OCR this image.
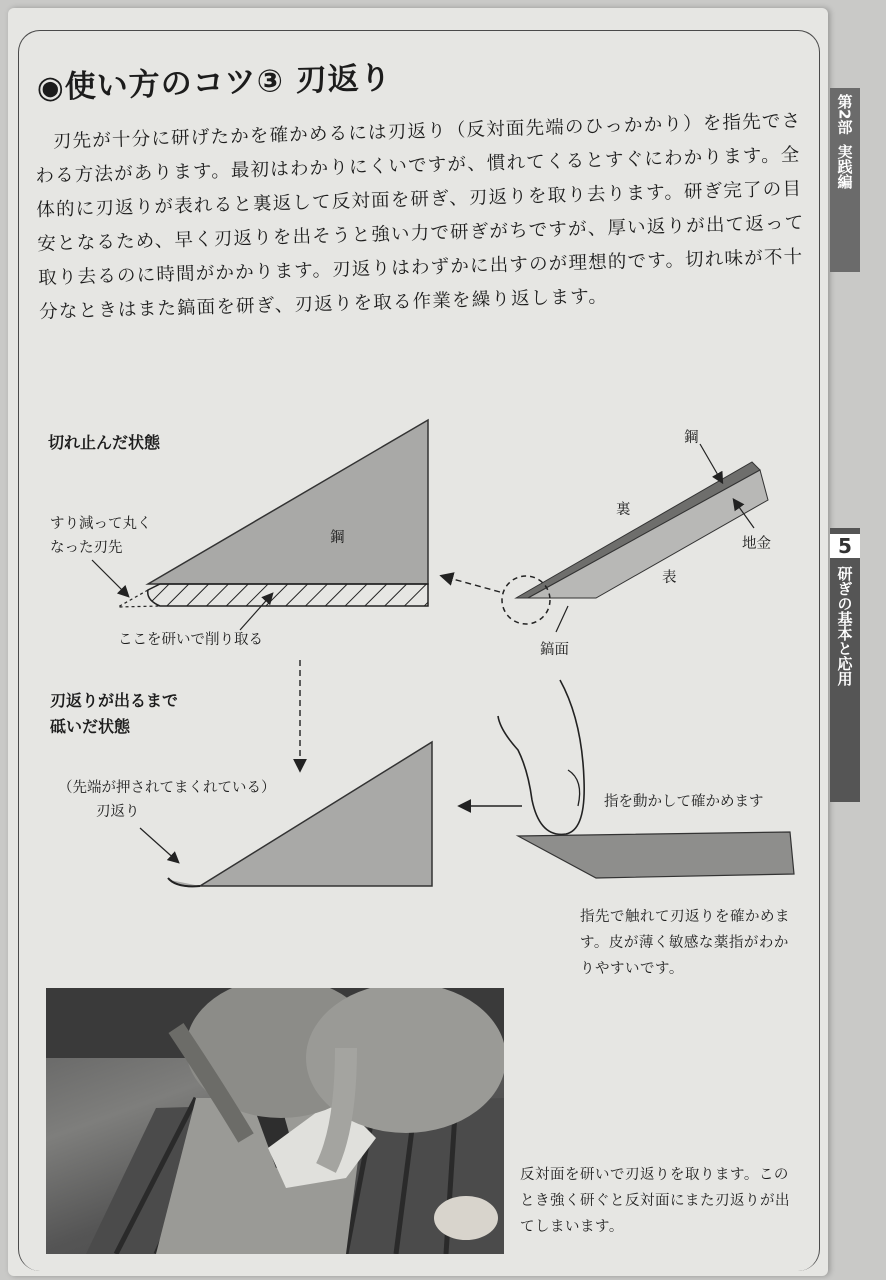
◉使い方のコツ③ 刃返り
刃先が十分に研げたかを確かめるには刃返り（反対面先端のひっかかり）を指先でさわる方法があります。最初はわかりにくいですが、慣れてくるとすぐにわかります。全体的に刃返りが表れると裏返して反対面を研ぎ、刃返りを取り去ります。研ぎ完了の目安となるため、早く刃返りを出そうと強い力で研ぎがちですが、厚い返りが出て返って取り去るのに時間がかかります。刃返りはわずかに出すのが理想的です。切れ味が不十分なときはまた鎬面を研ぎ、刃返りを取る作業を繰り返します。
第2部
実践編
5
研ぎの基本と応用
切れ止んだ状態
すり減って丸く
なった刃先
鋼
ここを研いで削り取る
鋼
裏
地金
表
鎬面
刃返りが出るまで
砥いだ状態
（先端が押されてまくれている）
刃返り
指を動かして確かめます
指先で触れて刃返りを確かめます。皮が薄く敏感な薬指がわかりやすいです。
反対面を研いで刃返りを取ります。このとき強く研ぐと反対面にまた刃返りが出てしまいます。
